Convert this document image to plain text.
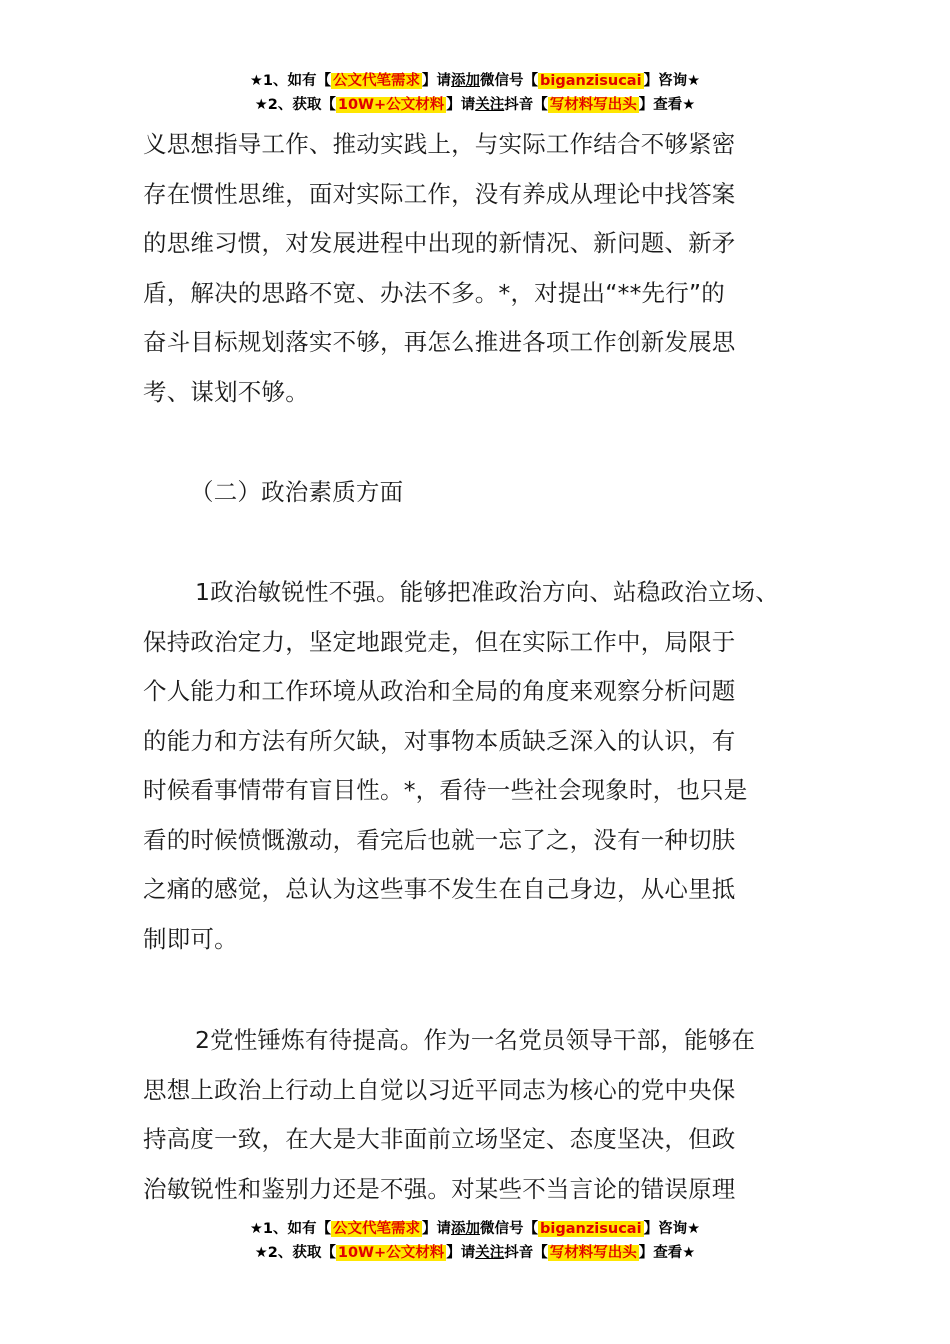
★1、如有【 公文代笔需求 】请添加微信号【 biganzisucai 】咨询★
★2、获取【 10W+公文材料 】请关注抖音【 写材料写出头 】查看★
义思想指导工作、推动实践上，与实际工作结合不够紧密
存在惯性思维，面对实际工作，没有养成从理论中找答案
的思维习惯，对发展进程中出现的新情况、新问题、新矛
盾，解决的思路不宽、办法不多。*，对提出“**先行”的
奋斗目标规划落实不够，再怎么推进各项工作创新发展思
考、谋划不够。
（二）政治素质方面
1政治敏锐性不强。能够把准政治方向、站稳政治立场、
保持政治定力，坚定地跟党走，但在实际工作中，局限于
个人能力和工作环境从政治和全局的角度来观察分析问题
的能力和方法有所欠缺，对事物本质缺乏深入的认识，有
时候看事情带有盲目性。*，看待一些社会现象时，也只是
看的时候愤慨激动，看完后也就一忘了之，没有一种切肤
之痛的感觉，总认为这些事不发生在自己身边，从心里抵
制即可。
2党性锤炼有待提高。作为一名党员领导干部，能够在
思想上政治上行动上自觉以习近平同志为核心的党中央保
持高度一致，在大是大非面前立场坚定、态度坚决，但政
治敏锐性和鉴别力还是不强。对某些不当言论的错误原理
★1、如有【 公文代笔需求 】请添加微信号【 biganzisucai 】咨询★
★2、获取【 10W+公文材料 】请关注抖音【 写材料写出头 】查看★
